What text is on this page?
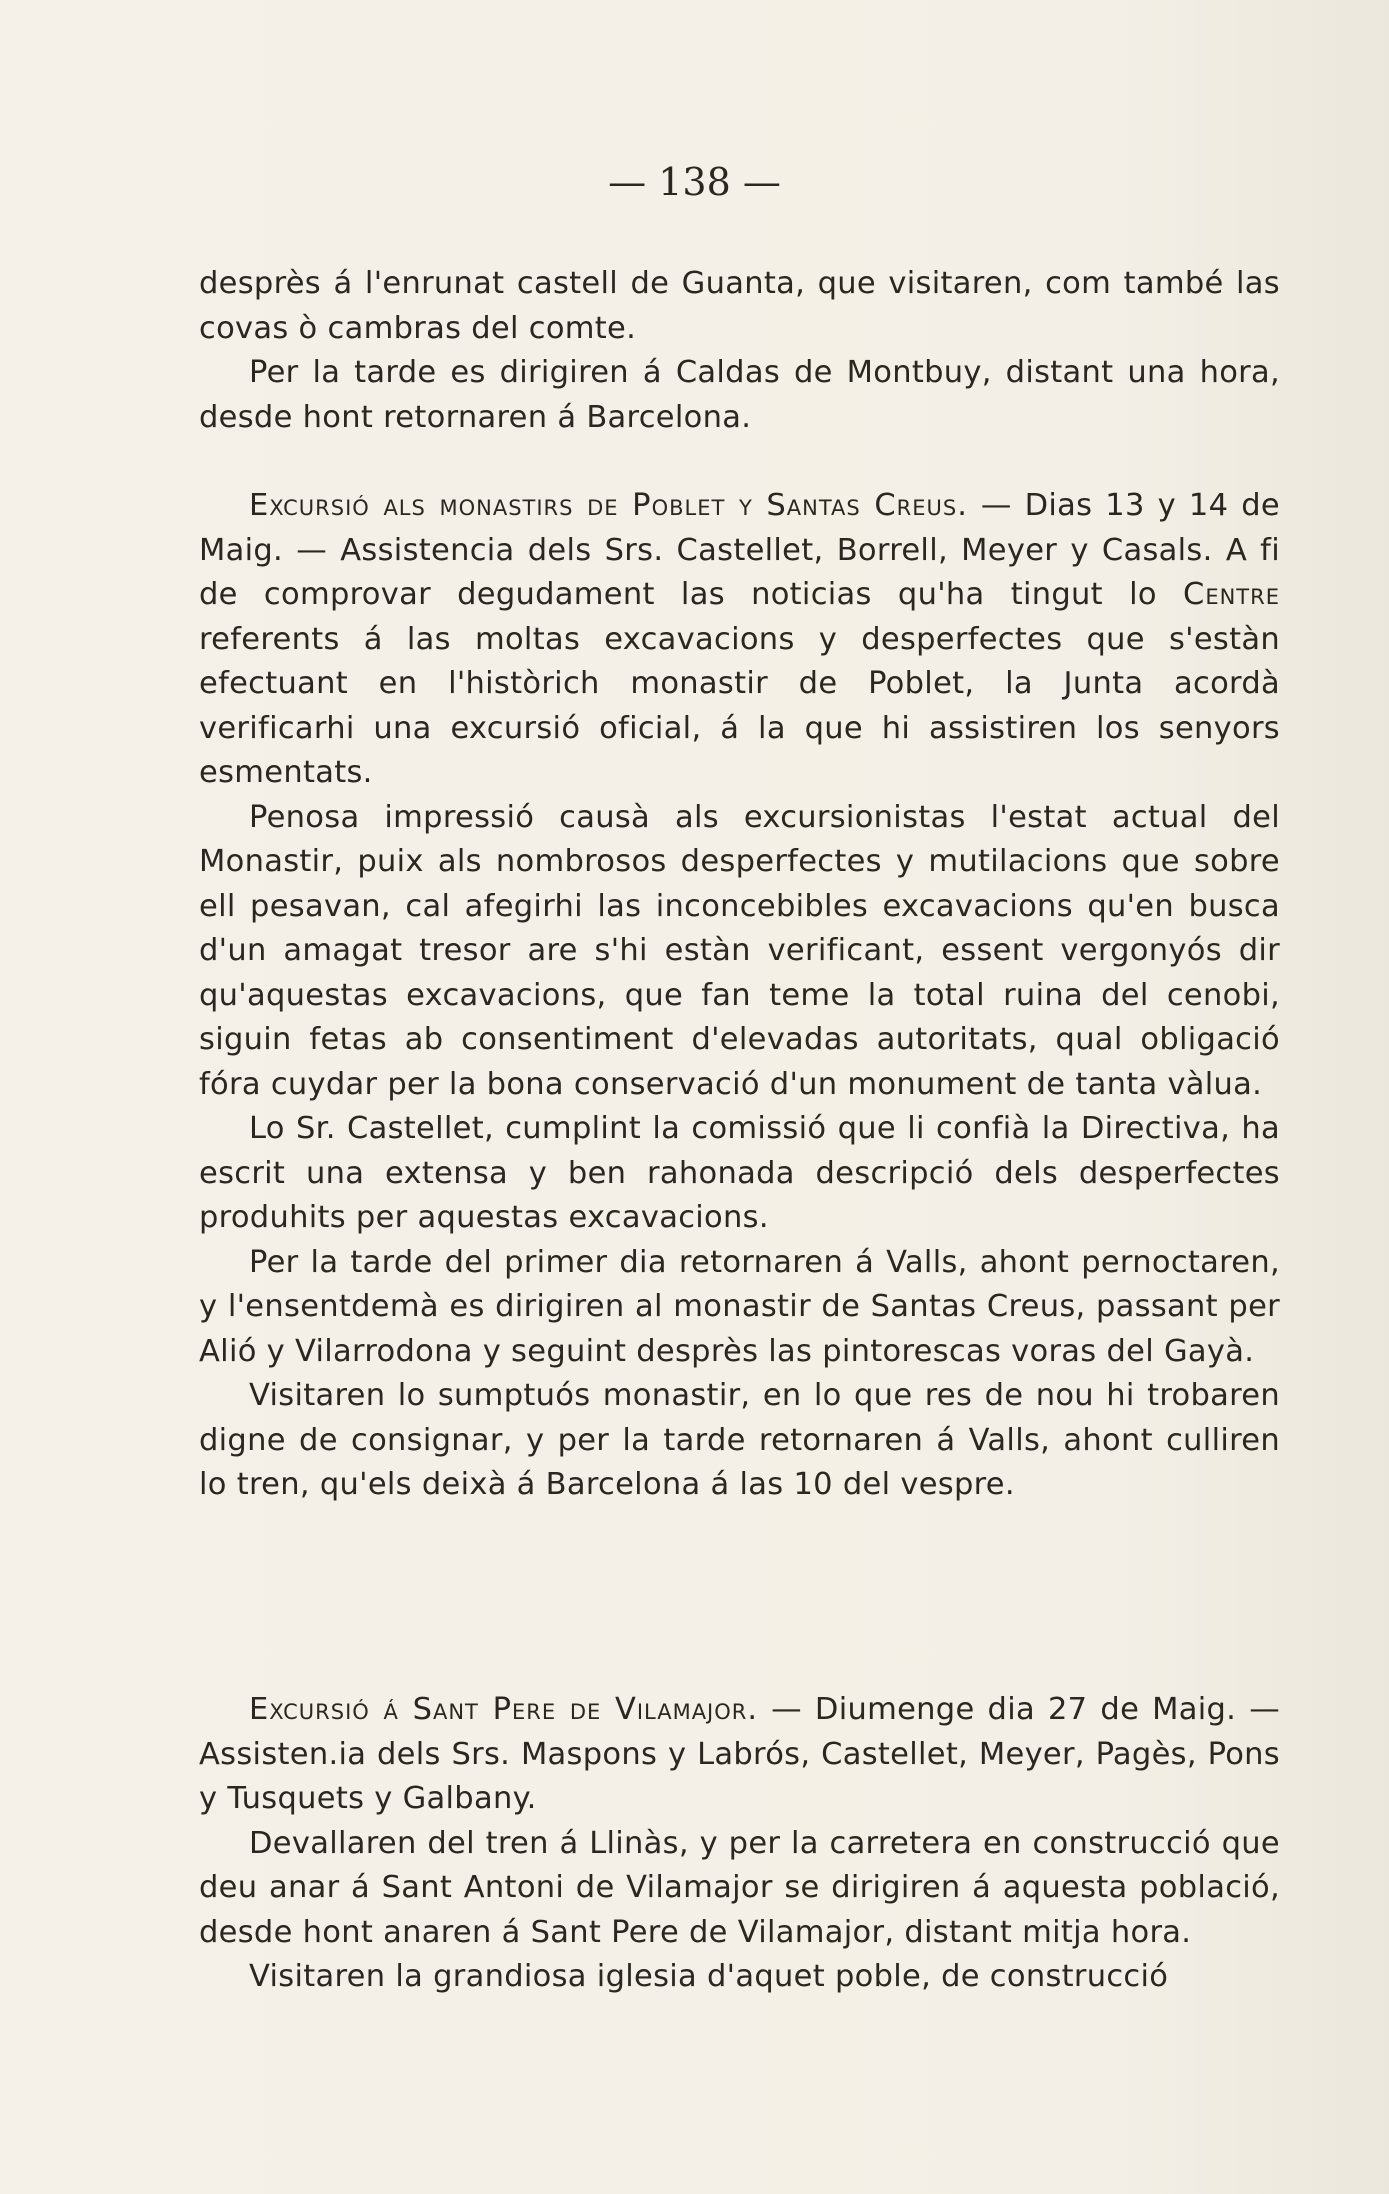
— 138 —

desprès á l'enrunat castell de Guanta, que visitaren, com també las covas ò cambras del comte.

Per la tarde es dirigiren á Caldas de Montbuy, distant una hora, desde hont retornaren á Barcelona.

Excursió als monastirs de Poblet y Santas Creus. — Dias 13 y 14 de Maig. — Assistencia dels Srs. Castellet, Borrell, Meyer y Casals. A fi de comprovar degudament las noticias qu'ha tingut lo Centre referents á las moltas excavacions y desperfectes que s'estàn efectuant en l'històrich monastir de Poblet, la Junta acordà verificarhi una excursió oficial, á la que hi assistiren los senyors esmentats.

Penosa impressió causà als excursionistas l'estat actual del Monastir, puix als nombrosos desperfectes y mutilacions que sobre ell pesavan, cal afegirhi las inconcebibles excavacions qu'en busca d'un amagat tresor are s'hi estàn verificant, essent vergonyós dir qu'aquestas excavacions, que fan teme la total ruina del cenobi, siguin fetas ab consentiment d'elevadas autoritats, qual obligació fóra cuydar per la bona conservació d'un monument de tanta vàlua.

Lo Sr. Castellet, cumplint la comissió que li confià la Directiva, ha escrit una extensa y ben rahonada descripció dels desperfectes produhits per aquestas excavacions.

Per la tarde del primer dia retornaren á Valls, ahont pernoctaren, y l'ensentdemà es dirigiren al monastir de Santas Creus, passant per Alió y Vilarrodona y seguint desprès las pintorescas voras del Gayà.

Visitaren lo sumptuós monastir, en lo que res de nou hi trobaren digne de consignar, y per la tarde retornaren á Valls, ahont culliren lo tren, qu'els deixà á Barcelona á las 10 del vespre.

Excursió á Sant Pere de Vilamajor. — Diumenge dia 27 de Maig. — Assisten.ia dels Srs. Maspons y Labrós, Castellet, Meyer, Pagès, Pons y Tusquets y Galbany.

Devallaren del tren á Llinàs, y per la carretera en construcció que deu anar á Sant Antoni de Vilamajor se dirigiren á aquesta població, desde hont anaren á Sant Pere de Vilamajor, distant mitja hora.

Visitaren la grandiosa iglesia d'aquet poble, de construcció
